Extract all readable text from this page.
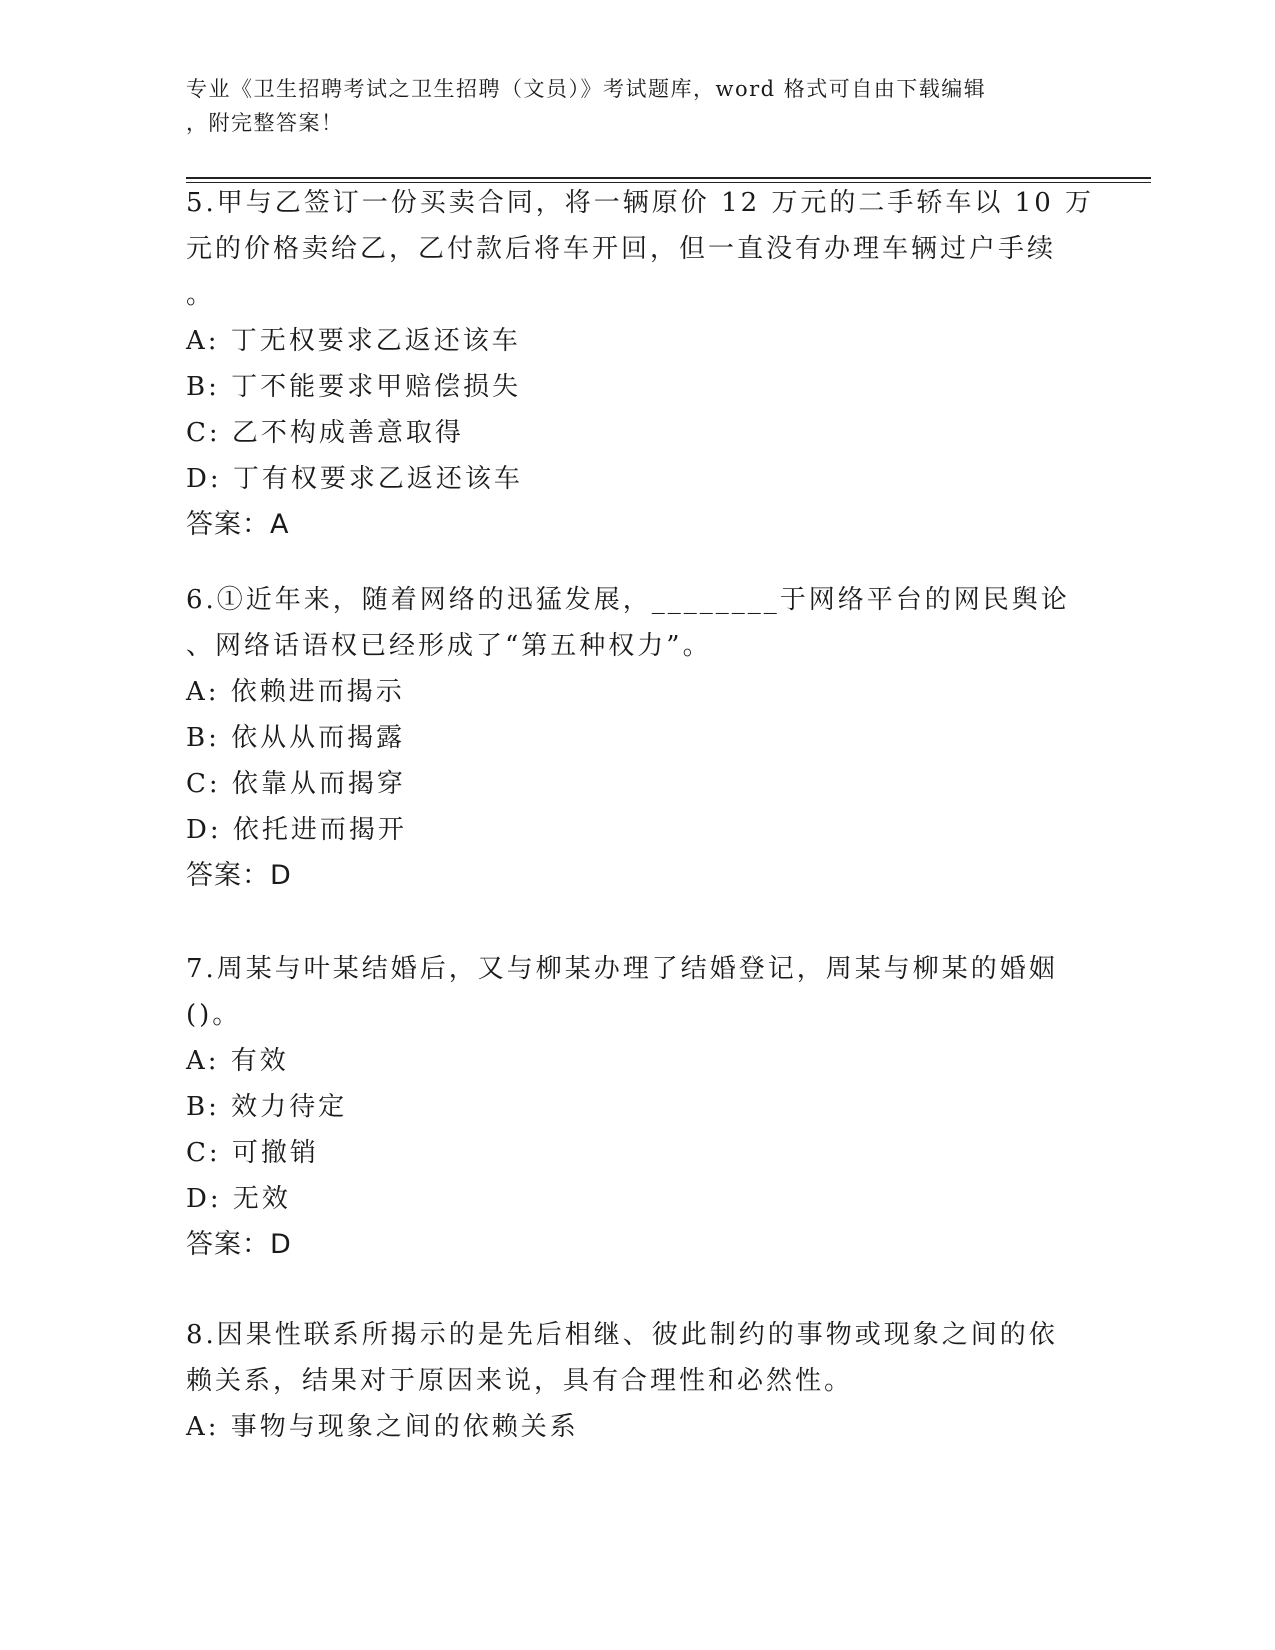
专业《卫生招聘考试之卫生招聘（文员）》考试题库，word 格式可自由下载编辑
，附完整答案！
5.甲与乙签订一份买卖合同，将一辆原价 12 万元的二手轿车以 10 万
元的价格卖给乙，乙付款后将车开回，但一直没有办理车辆过户手续
。
A: 丁无权要求乙返还该车
B: 丁不能要求甲赔偿损失
C: 乙不构成善意取得
D: 丁有权要求乙返还该车
答案：A
6.①近年来，随着网络的迅猛发展，________于网络平台的网民舆论
、网络话语权已经形成了“第五种权力”。
A: 依赖进而揭示
B: 依从从而揭露
C: 依靠从而揭穿
D: 依托进而揭开
答案：D
7.周某与叶某结婚后，又与柳某办理了结婚登记，周某与柳某的婚姻
()。
A: 有效
B: 效力待定
C: 可撤销
D: 无效
答案：D
8.因果性联系所揭示的是先后相继、彼此制约的事物或现象之间的依
赖关系，结果对于原因来说，具有合理性和必然性。
A: 事物与现象之间的依赖关系
